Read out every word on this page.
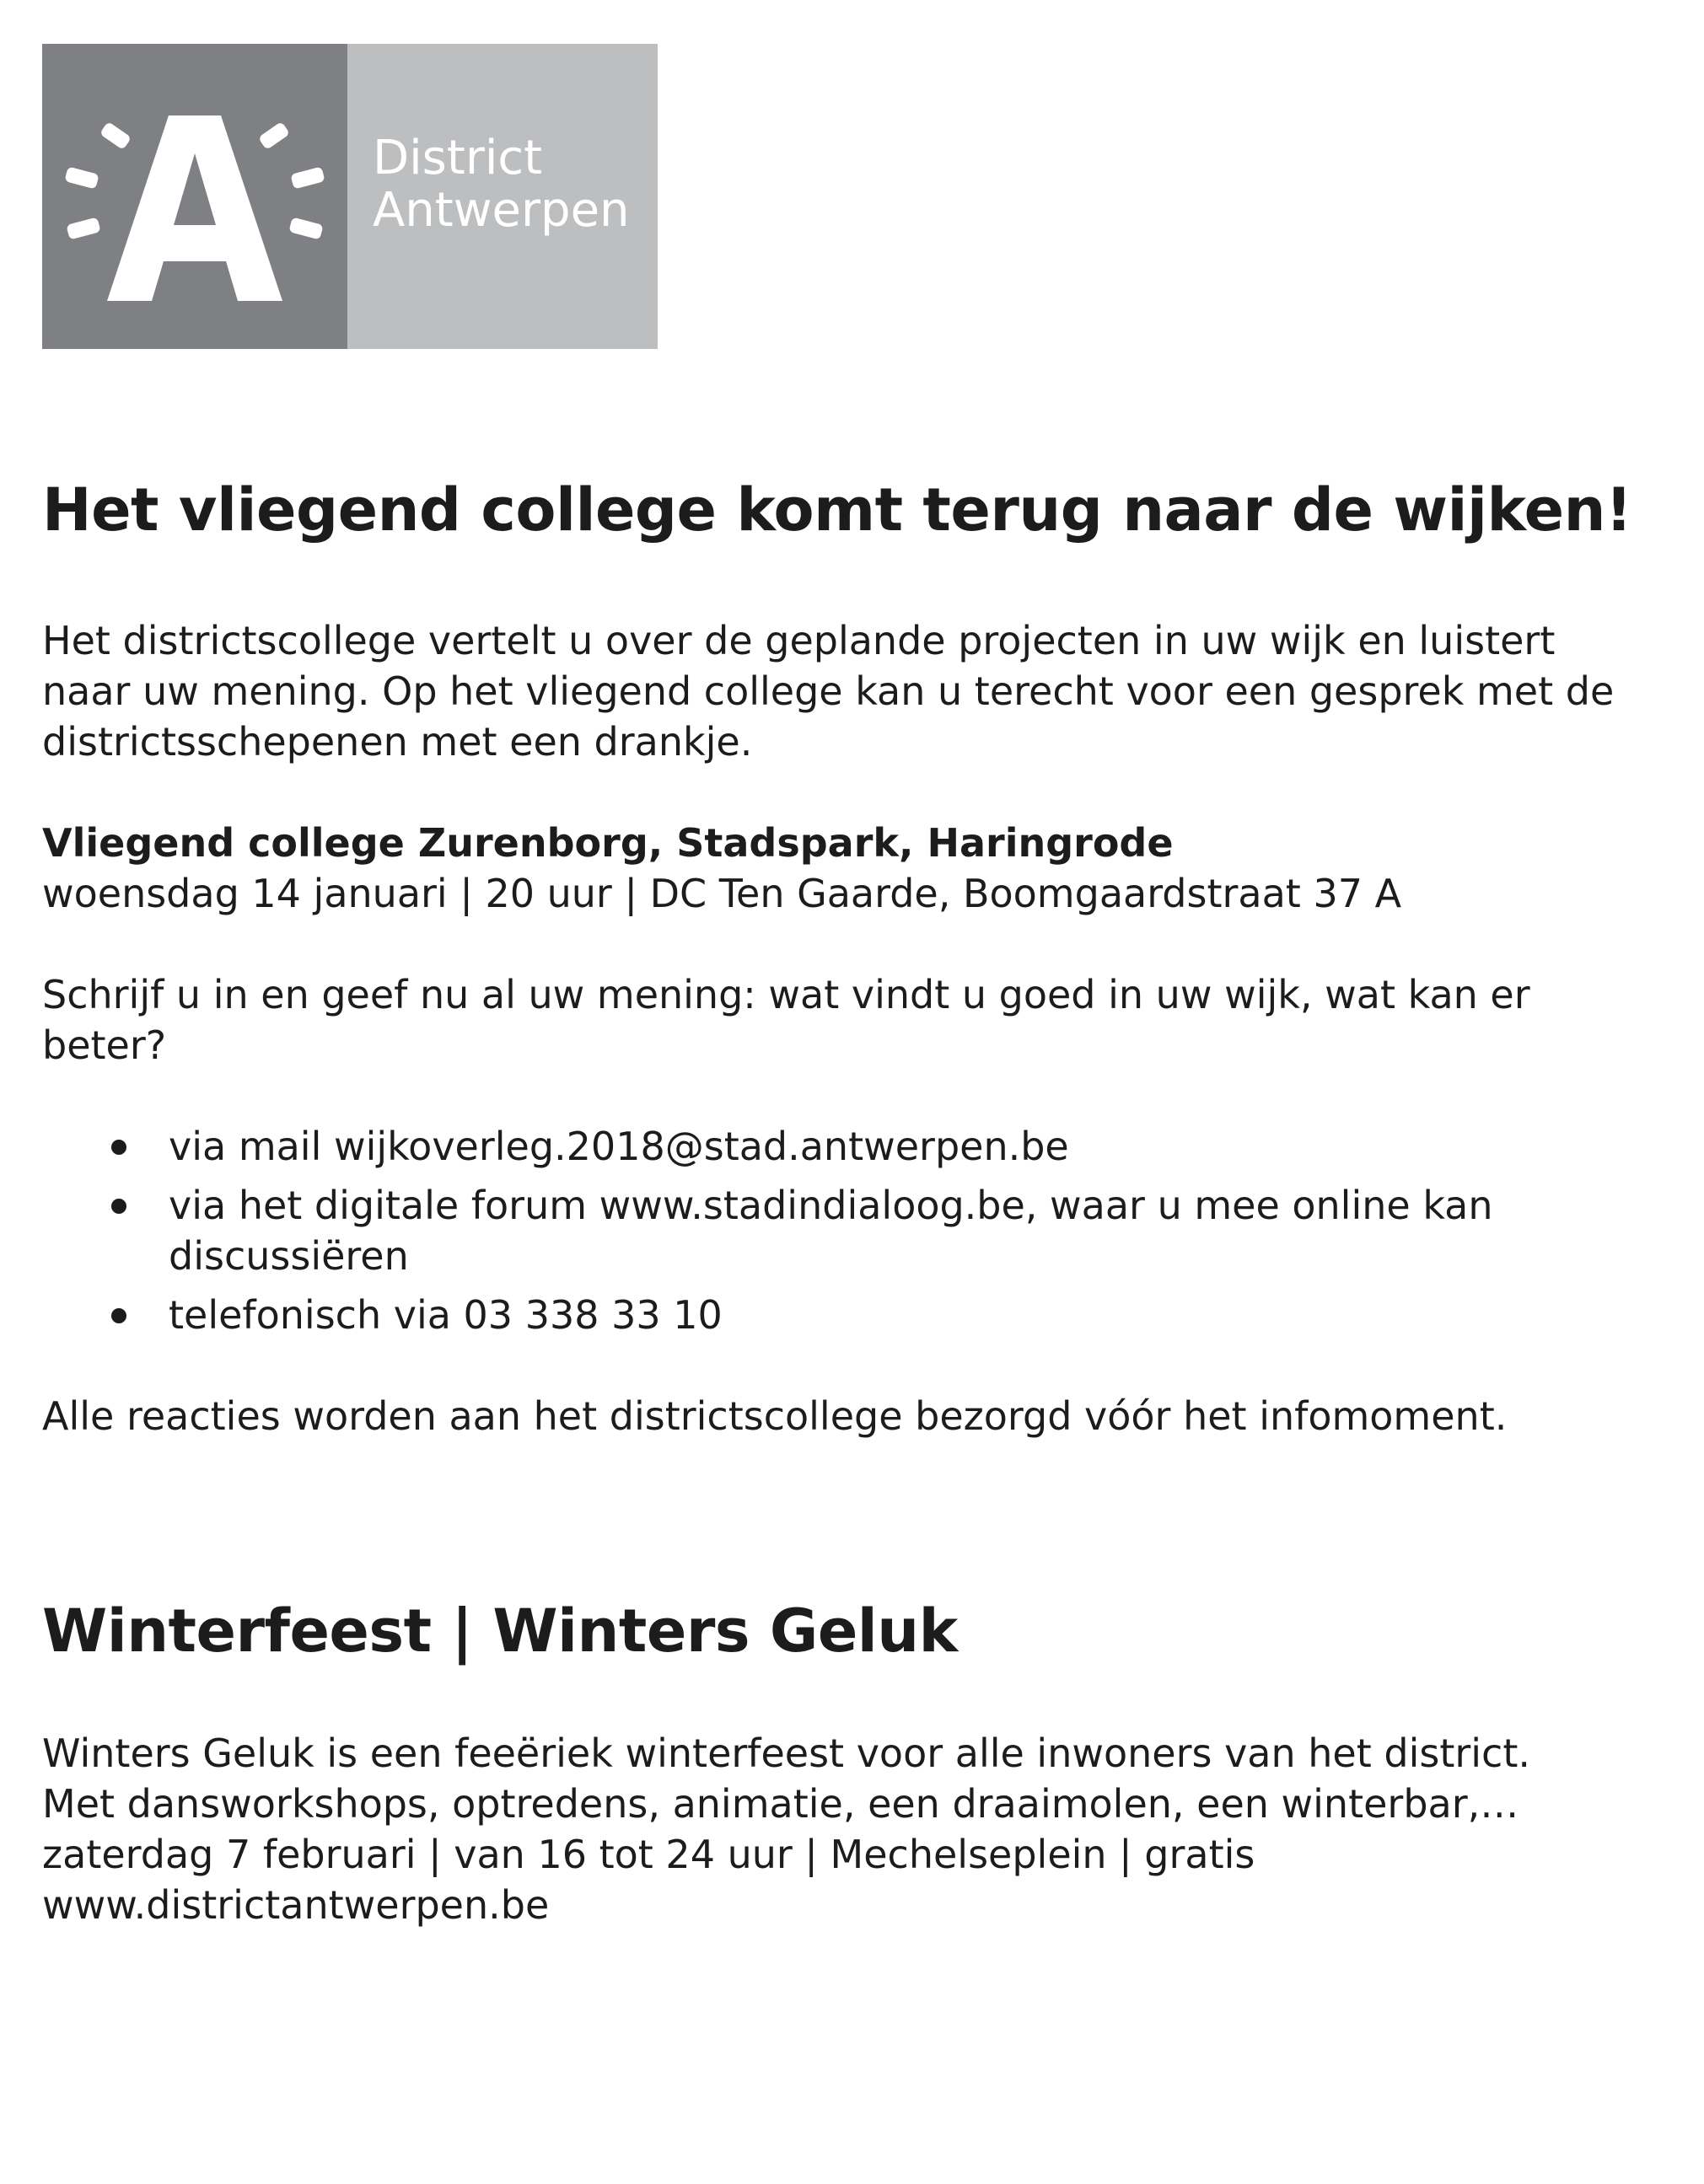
District
Antwerpen
Het vliegend college komt terug naar de wijken!

Het districtscollege vertelt u over de geplande projecten in uw wijk en luistert naar uw mening. Op het vliegend college kan u terecht voor een gesprek met de districtsschepenen met een drankje.

Vliegend college Zurenborg, Stadspark, Haringrode

woensdag 14 januari | 20 uur | DC Ten Gaarde, Boomgaardstraat 37 A

Schrijf u in en geef nu al uw mening: wat vindt u goed in uw wijk, wat kan er beter?

via mail wijkoverleg.2018@stad.antwerpen.be
via het digitale forum www.stadindialoog.be, waar u mee online kan discussiëren
telefonisch via 03 338 33 10

Alle reacties worden aan het districtscollege bezorgd vóór het infomoment.

Winterfeest | Winters Geluk

Winters Geluk is een feeëriek winterfeest voor alle inwoners van het district.

Met dansworkshops, optredens, animatie, een draaimolen, een winterbar,…

zaterdag 7 februari | van 16 tot 24 uur | Mechelseplein | gratis

www.districtantwerpen.be
